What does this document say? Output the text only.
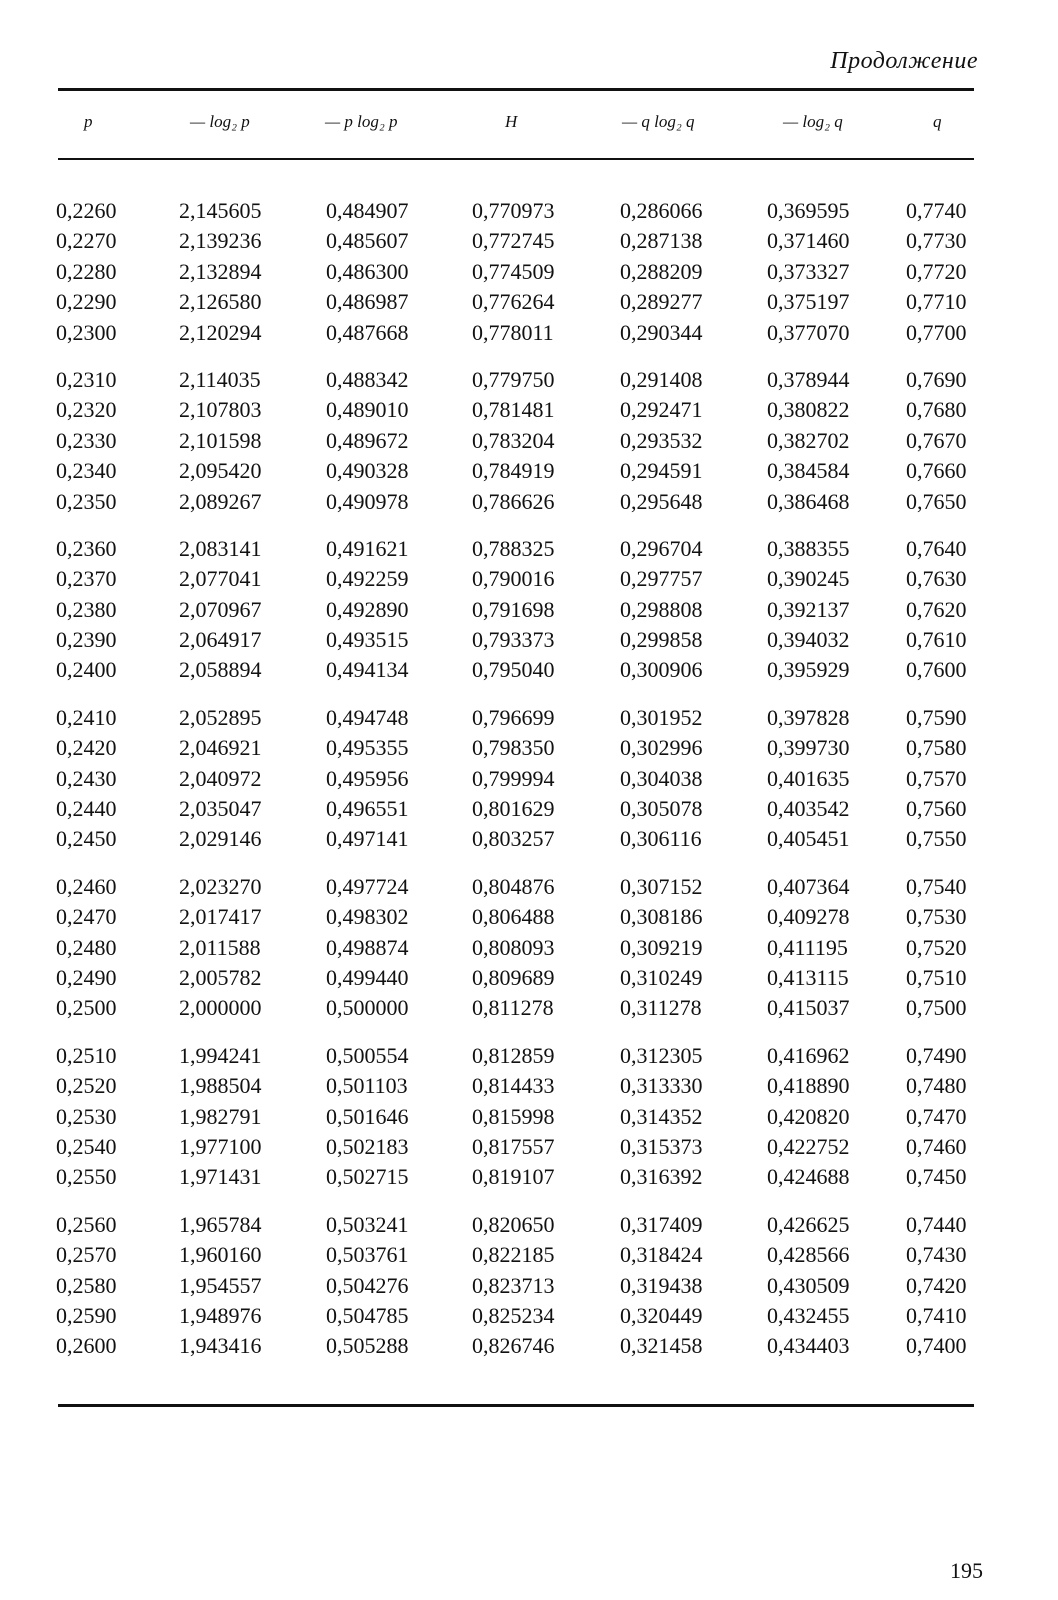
Продолжение
p	— log₂ p	— p log₂ p	H	— q log₂ q	— log₂ q	q
0,2260	2,145605	0,484907	0,770973	0,286066	0,369595	0,7740
0,2270	2,139236	0,485607	0,772745	0,287138	0,371460	0,7730
0,2280	2,132894	0,486300	0,774509	0,288209	0,373327	0,7720
0,2290	2,126580	0,486987	0,776264	0,289277	0,375197	0,7710
0,2300	2,120294	0,487668	0,778011	0,290344	0,377070	0,7700
0,2310	2,114035	0,488342	0,779750	0,291408	0,378944	0,7690
0,2320	2,107803	0,489010	0,781481	0,292471	0,380822	0,7680
0,2330	2,101598	0,489672	0,783204	0,293532	0,382702	0,7670
0,2340	2,095420	0,490328	0,784919	0,294591	0,384584	0,7660
0,2350	2,089267	0,490978	0,786626	0,295648	0,386468	0,7650
0,2360	2,083141	0,491621	0,788325	0,296704	0,388355	0,7640
0,2370	2,077041	0,492259	0,790016	0,297757	0,390245	0,7630
0,2380	2,070967	0,492890	0,791698	0,298808	0,392137	0,7620
0,2390	2,064917	0,493515	0,793373	0,299858	0,394032	0,7610
0,2400	2,058894	0,494134	0,795040	0,300906	0,395929	0,7600
0,2410	2,052895	0,494748	0,796699	0,301952	0,397828	0,7590
0,2420	2,046921	0,495355	0,798350	0,302996	0,399730	0,7580
0,2430	2,040972	0,495956	0,799994	0,304038	0,401635	0,7570
0,2440	2,035047	0,496551	0,801629	0,305078	0,403542	0,7560
0,2450	2,029146	0,497141	0,803257	0,306116	0,405451	0,7550
0,2460	2,023270	0,497724	0,804876	0,307152	0,407364	0,7540
0,2470	2,017417	0,498302	0,806488	0,308186	0,409278	0,7530
0,2480	2,011588	0,498874	0,808093	0,309219	0,411195	0,7520
0,2490	2,005782	0,499440	0,809689	0,310249	0,413115	0,7510
0,2500	2,000000	0,500000	0,811278	0,311278	0,415037	0,7500
0,2510	1,994241	0,500554	0,812859	0,312305	0,416962	0,7490
0,2520	1,988504	0,501103	0,814433	0,313330	0,418890	0,7480
0,2530	1,982791	0,501646	0,815998	0,314352	0,420820	0,7470
0,2540	1,977100	0,502183	0,817557	0,315373	0,422752	0,7460
0,2550	1,971431	0,502715	0,819107	0,316392	0,424688	0,7450
0,2560	1,965784	0,503241	0,820650	0,317409	0,426625	0,7440
0,2570	1,960160	0,503761	0,822185	0,318424	0,428566	0,7430
0,2580	1,954557	0,504276	0,823713	0,319438	0,430509	0,7420
0,2590	1,948976	0,504785	0,825234	0,320449	0,432455	0,7410
0,2600	1,943416	0,505288	0,826746	0,321458	0,434403	0,7400
195
